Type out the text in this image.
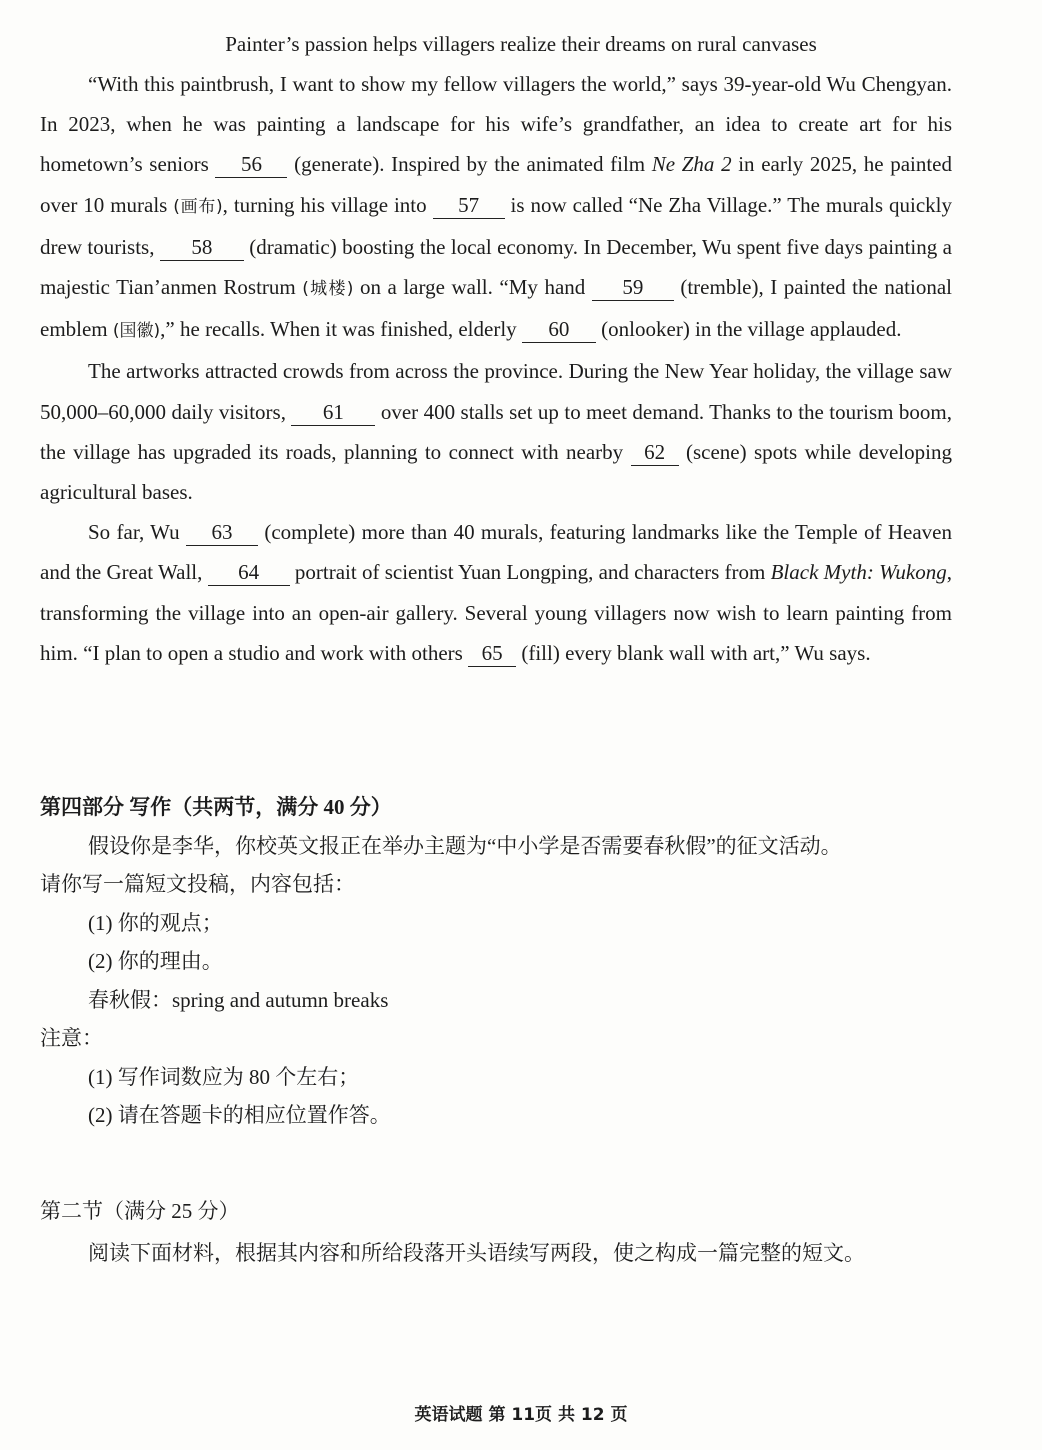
Painter’s passion helps villagers realize their dreams on rural canvases

“With this paintbrush, I want to show my fellow villagers the world,” says 39-year-old Wu Chengyan. In 2023, when he was painting a landscape for his wife’s grandfather, an idea to create art for his hometown’s seniors 56 (generate). Inspired by the animated film Ne Zha 2 in early 2025, he painted over 10 murals (画布), turning his village into 57 is now called “Ne Zha Village.” The murals quickly drew tourists, 58 (dramatic) boosting the local economy. In December, Wu spent five days painting a majestic Tian’anmen Rostrum (城楼) on a large wall. “My hand 59 (tremble), I painted the national emblem (国徽),” he recalls. When it was finished, elderly 60 (onlooker) in the village applauded.

The artworks attracted crowds from across the province. During the New Year holiday, the village saw 50,000–60,000 daily visitors, 61 over 400 stalls set up to meet demand. Thanks to the tourism boom, the village has upgraded its roads, planning to connect with nearby 62 (scene) spots while developing agricultural bases.

So far, Wu 63 (complete) more than 40 murals, featuring landmarks like the Temple of Heaven and the Great Wall, 64 portrait of scientist Yuan Longping, and characters from Black Myth: Wukong, transforming the village into an open-air gallery. Several young villagers now wish to learn painting from him. “I plan to open a studio and work with others 65 (fill) every blank wall with art,” Wu says.

第四部分 写作（共两节，满分 40 分）

假设你是李华，你校英文报正在举办主题为“中小学是否需要春秋假”的征文活动。

请你写一篇短文投稿，内容包括：

(1) 你的观点；

(2) 你的理由。

春秋假：spring and autumn breaks

注意：

(1) 写作词数应为 80 个左右；

(2) 请在答题卡的相应位置作答。

第二节（满分 25 分）

阅读下面材料，根据其内容和所给段落开头语续写两段，使之构成一篇完整的短文。

英语试题 第 11页 共 12 页
